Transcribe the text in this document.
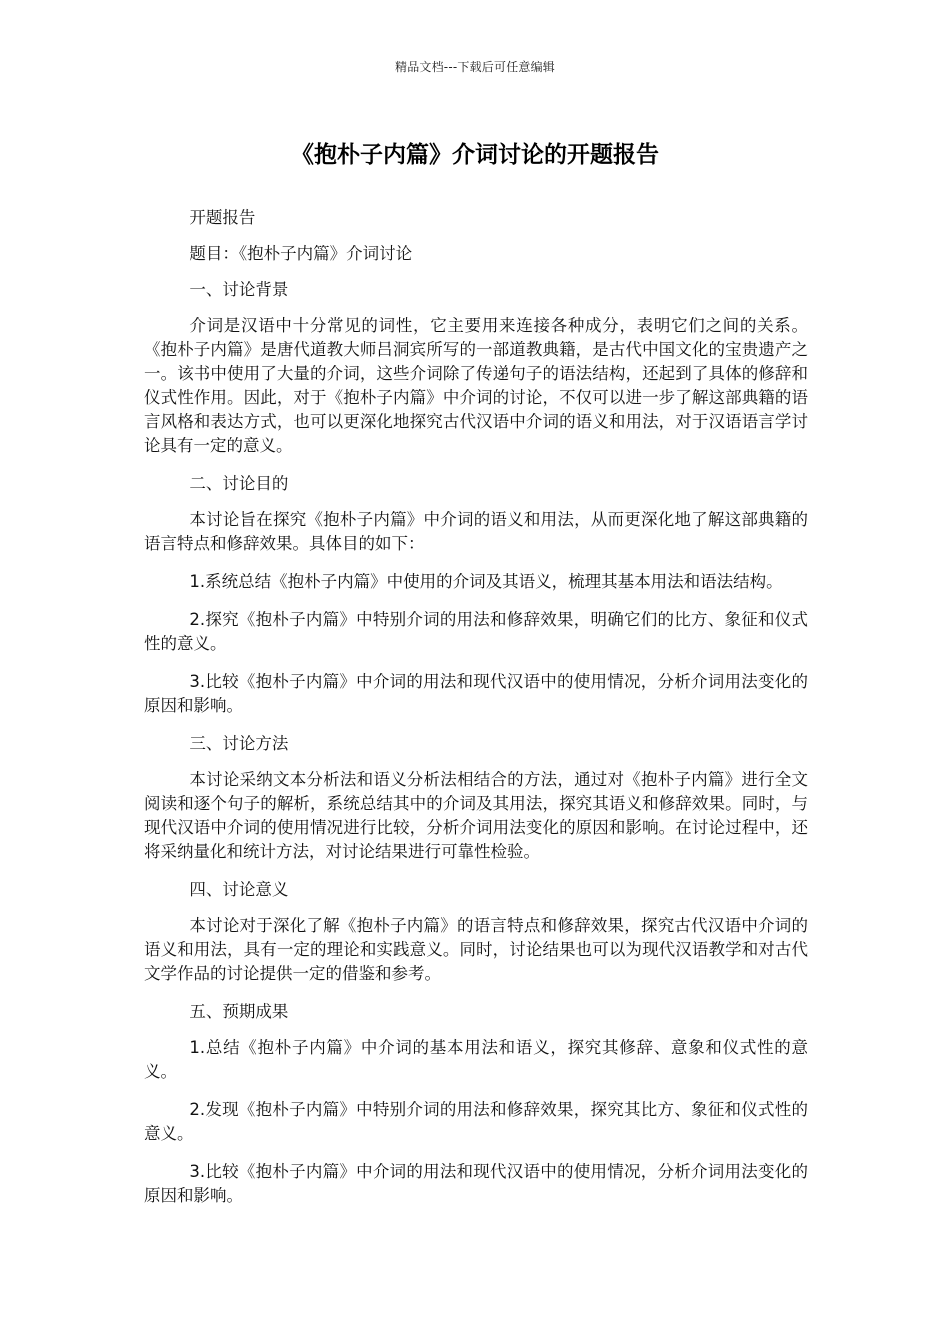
精品文档---下载后可任意编辑
《抱朴子内篇》介词讨论的开题报告

开题报告

题目：《抱朴子内篇》介词讨论

一、讨论背景

介词是汉语中十分常见的词性，它主要用来连接各种成分，表明它们之间的关系。《抱朴子内篇》是唐代道教大师吕洞宾所写的一部道教典籍，是古代中国文化的宝贵遗产之一。该书中使用了大量的介词，这些介词除了传递句子的语法结构，还起到了具体的修辞和仪式性作用。因此，对于《抱朴子内篇》中介词的讨论，不仅可以进一步了解这部典籍的语言风格和表达方式，也可以更深化地探究古代汉语中介词的语义和用法，对于汉语语言学讨论具有一定的意义。

二、讨论目的

本讨论旨在探究《抱朴子内篇》中介词的语义和用法，从而更深化地了解这部典籍的语言特点和修辞效果。具体目的如下：

1.系统总结《抱朴子内篇》中使用的介词及其语义，梳理其基本用法和语法结构。

2.探究《抱朴子内篇》中特别介词的用法和修辞效果，明确它们的比方、象征和仪式性的意义。

3.比较《抱朴子内篇》中介词的用法和现代汉语中的使用情况，分析介词用法变化的原因和影响。

三、讨论方法

本讨论采纳文本分析法和语义分析法相结合的方法，通过对《抱朴子内篇》进行全文阅读和逐个句子的解析，系统总结其中的介词及其用法，探究其语义和修辞效果。同时，与现代汉语中介词的使用情况进行比较，分析介词用法变化的原因和影响。在讨论过程中，还将采纳量化和统计方法，对讨论结果进行可靠性检验。

四、讨论意义

本讨论对于深化了解《抱朴子内篇》的语言特点和修辞效果，探究古代汉语中介词的语义和用法，具有一定的理论和实践意义。同时，讨论结果也可以为现代汉语教学和对古代文学作品的讨论提供一定的借鉴和参考。

五、预期成果

1.总结《抱朴子内篇》中介词的基本用法和语义，探究其修辞、意象和仪式性的意义。

2.发现《抱朴子内篇》中特别介词的用法和修辞效果，探究其比方、象征和仪式性的意义。

3.比较《抱朴子内篇》中介词的用法和现代汉语中的使用情况，分析介词用法变化的原因和影响。
